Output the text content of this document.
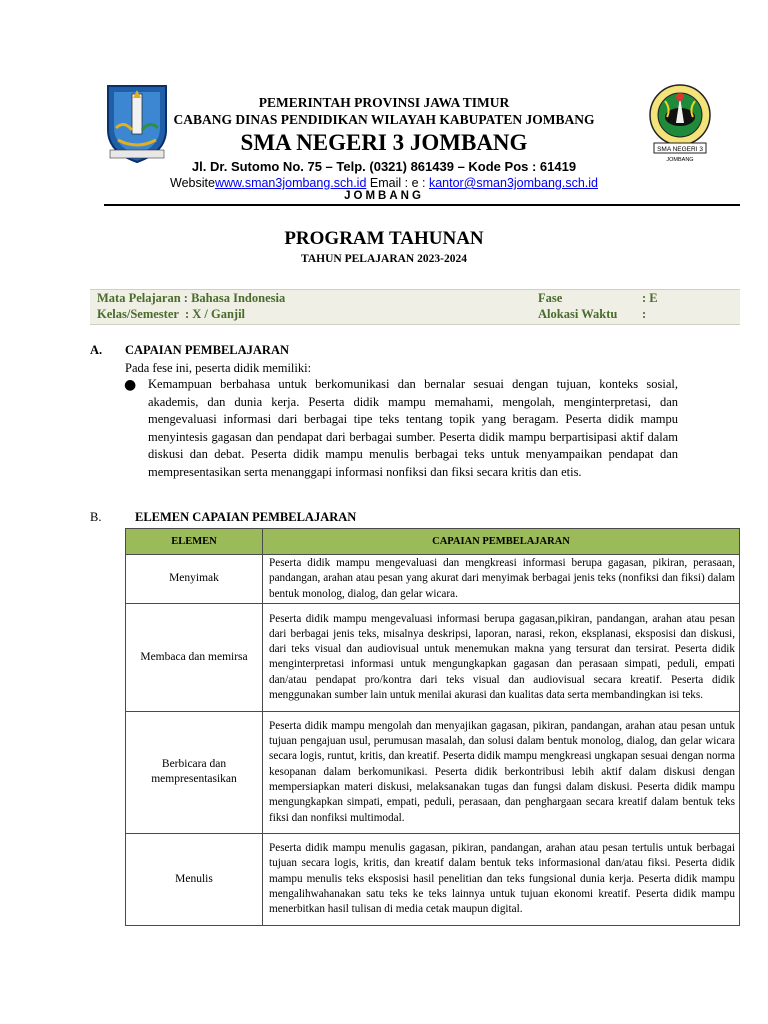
SMA NEGERI 3
JOMBANG
PEMERINTAH PROVINSI JAWA TIMUR
CABANG DINAS PENDIDIKAN WILAYAH KABUPATEN JOMBANG
SMA NEGERI 3 JOMBANG
Jl. Dr. Sutomo No. 75 – Telp. (0321) 861439 – Kode Pos : 61419
Websitewww.sman3jombang.sch.id Email : e : kantor@sman3jombang.sch.id
JOMBANG
PROGRAM TAHUNAN
TAHUN PELAJARAN 2023-2024
Mata Pelajaran : Bahasa Indonesia
Kelas/Semester  : X / Ganjil
Fase	: E
Alokasi Waktu :
A. CAPAIAN PEMBELAJARAN
Pada fese ini, peserta didik memiliki:
● Kemampuan berbahasa untuk berkomunikasi dan bernalar sesuai dengan tujuan, konteks sosial, akademis, dan dunia kerja. Peserta didik mampu memahami, mengolah, menginterpretasi, dan mengevaluasi informasi dari berbagai tipe teks tentang topik yang beragam. Peserta didik mampu menyintesis gagasan dan pendapat dari berbagai sumber. Peserta didik mampu berpartisipasi aktif dalam diskusi dan debat. Peserta didik mampu menulis berbagai teks untuk menyampaikan pendapat dan mempresentasikan serta menanggapi informasi nonfiksi dan fiksi secara kritis dan etis.
B.	ELEMEN CAPAIAN PEMBELAJARAN
ELEMEN	CAPAIAN PEMBELAJARAN
Menyimak	Peserta didik mampu mengevaluasi dan mengkreasi informasi berupa gagasan, pikiran, perasaan, pandangan, arahan atau pesan yang akurat dari menyimak berbagai jenis teks (nonfiksi dan fiksi) dalam bentuk monolog, dialog, dan gelar wicara.
Membaca dan memirsa	Peserta didik mampu mengevaluasi informasi berupa gagasan,pikiran, pandangan, arahan atau pesan dari berbagai jenis teks, misalnya deskripsi, laporan, narasi, rekon, eksplanasi, eksposisi dan diskusi, dari teks visual dan audiovisual untuk menemukan makna yang tersurat dan tersirat. Peserta didik menginterpretasi informasi untuk mengungkapkan gagasan dan perasaan simpati, peduli, empati dan/atau pendapat pro/kontra dari teks visual dan audiovisual secara kreatif. Peserta didik menggunakan sumber lain untuk menilai akurasi dan kualitas data serta membandingkan isi teks.
Berbicara dan mempresentasikan	Peserta didik mampu mengolah dan menyajikan gagasan, pikiran, pandangan, arahan atau pesan untuk tujuan pengajuan usul, perumusan masalah, dan solusi dalam bentuk monolog, dialog, dan gelar wicara secara logis, runtut, kritis, dan kreatif. Peserta didik mampu mengkreasi ungkapan sesuai dengan norma kesopanan dalam berkomunikasi. Peserta didik berkontribusi lebih aktif dalam diskusi dengan mempersiapkan materi diskusi, melaksanakan tugas dan fungsi dalam diskusi. Peserta didik mampu mengungkapkan simpati, empati, peduli, perasaan, dan penghargaan secara kreatif dalam bentuk teks fiksi dan nonfiksi multimodal.
Menulis	Peserta didik mampu menulis gagasan, pikiran, pandangan, arahan atau pesan tertulis untuk berbagai tujuan secara logis, kritis, dan kreatif dalam bentuk teks informasional dan/atau fiksi. Peserta didik mampu menulis teks eksposisi hasil penelitian dan teks fungsional dunia kerja. Peserta didik mampu mengalihwahanakan satu teks ke teks lainnya untuk tujuan ekonomi kreatif. Peserta didik mampu menerbitkan hasil tulisan di media cetak maupun digital.
